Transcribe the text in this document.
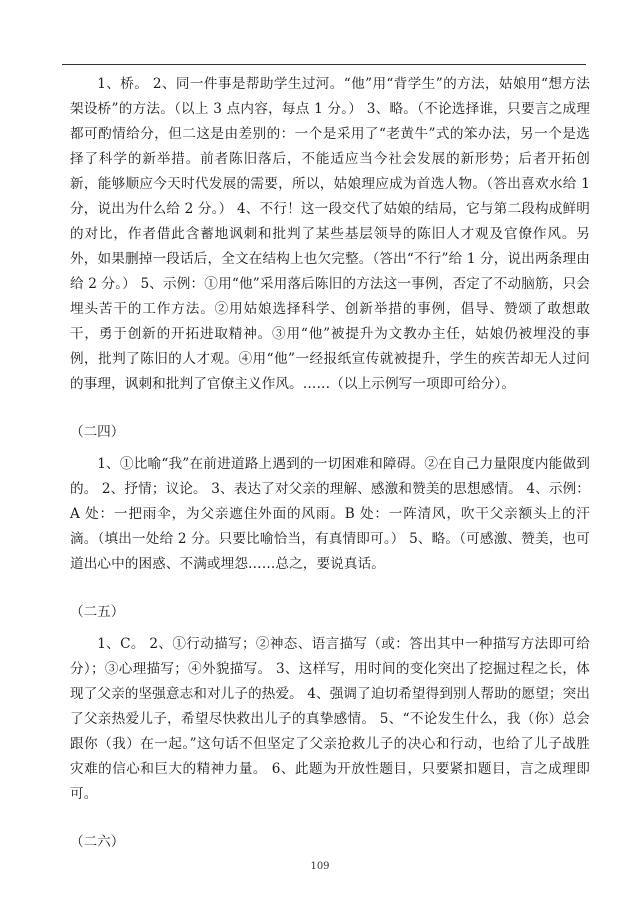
1、桥。 2、同一件事是帮助学生过河。“他”用“背学生”的方法，姑娘用“想方法架设桥”的方法。（以上 3 点内容，每点 1 分。） 3、略。（不论选择谁，只要言之成理都可酌情给分，但二这是由差别的：一个是采用了“老黄牛”式的笨办法，另一个是选择了科学的新举措。前者陈旧落后，不能适应当今社会发展的新形势；后者开拓创新，能够顺应今天时代发展的需要，所以，姑娘理应成为首选人物。（答出喜欢水给 1 分，说出为什么给 2 分。） 4、不行！这一段交代了姑娘的结局，它与第二段构成鲜明的对比，作者借此含蓄地讽刺和批判了某些基层领导的陈旧人才观及官僚作风。另外，如果删掉一段话后，全文在结构上也欠完整。（答出“不行”给 1 分，说出两条理由给 2 分。） 5、示例：①用“他”采用落后陈旧的方法这一事例，否定了不动脑筋，只会埋头苦干的工作方法。②用姑娘选择科学、创新举措的事例，倡导、赞颂了敢想敢干，勇于创新的开拓进取精神。③用“他”被提升为文教办主任，姑娘仍被埋没的事例，批判了陈旧的人才观。④用“他”一经报纸宣传就被提升，学生的疾苦却无人过问的事理，讽刺和批判了官僚主义作风。……（以上示例写一项即可给分）。

（二四）

1、①比喻“我”在前进道路上遇到的一切困难和障碍。②在自己力量限度内能做到的。 2、抒情；议论。 3、表达了对父亲的理解、感激和赞美的思想感情。 4、示例：A 处：一把雨伞，为父亲遮住外面的风雨。B 处：一阵清风，吹干父亲额头上的汗滴。（填出一处给 2 分。只要比喻恰当，有真情即可。） 5、略。（可感激、赞美，也可道出心中的困惑、不满或埋怨……总之，要说真话。

（二五）

1、C。 2、①行动描写；②神态、语言描写（或：答出其中一种描写方法即可给分）；③心理描写；④外貌描写。 3、这样写，用时间的变化突出了挖掘过程之长，体现了父亲的坚强意志和对儿子的热爱。 4、强调了迫切希望得到别人帮助的愿望；突出了父亲热爱儿子，希望尽快救出儿子的真挚感情。 5、“不论发生什么，我（你）总会跟你（我）在一起。”这句话不但坚定了父亲抢救儿子的决心和行动，也给了儿子战胜灾难的信心和巨大的精神力量。 6、此题为开放性题目，只要紧扣题目，言之成理即可。

（二六）
109
